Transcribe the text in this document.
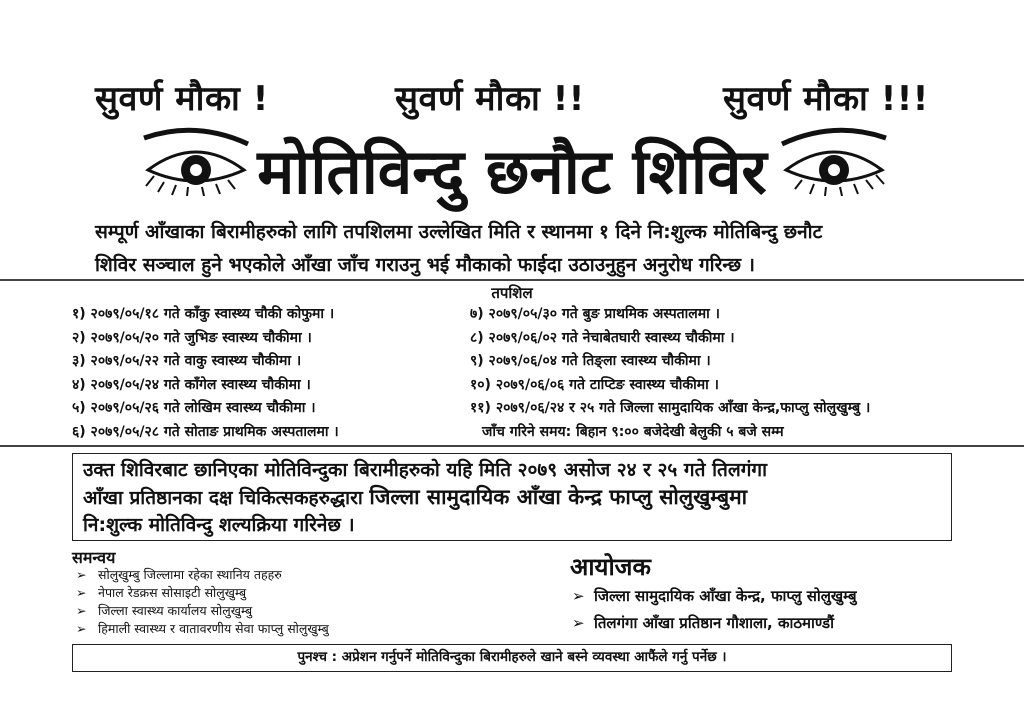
सुवर्ण मौका !	सुवर्ण मौका !!	सुवर्ण मौका !!!
मोतिविन्दु छनौट शिविर
सम्पूर्ण आँखाका बिरामीहरुको लागि तपशिलमा उल्लेखित मिति र स्थानमा १ दिने नि:शुल्क मोतिबिन्दु छनौट
शिविर सञ्चाल हुने भएकोले आँखा जाँच गराउनु भई मौकाको फाईदा उठाउनुहुन अनुरोध गरिन्छ ।
तपशिल
१) २०७९/०५/१८ गते काँकु स्वास्थ्य चौकी कोफुमा ।
२) २०७९/०५/२० गते जुभिङ स्वास्थ्य चौकीमा ।
३) २०७९/०५/२२ गते वाकु स्वास्थ्य चौकीमा ।
४) २०७९/०५/२४ गते काँगेल स्वास्थ्य चौकीमा ।
५) २०७९/०५/२६ गते लोखिम स्वास्थ्य चौकीमा ।
६) २०७९/०५/२८ गते सोताङ प्राथमिक अस्पतालमा ।
७) २०७९/०५/३० गते बुङ प्राथमिक अस्पतालमा ।
८) २०७९/०६/०२ गते नेचाबेतघारी स्वास्थ्य चौकीमा ।
९) २०७९/०६/०४ गते तिङ्ला स्वास्थ्य चौकीमा ।
१०) २०७९/०६/०६ गते टाप्टिङ स्वास्थ्य चौकीमा ।
११) २०७९/०६/२४ र २५ गते जिल्ला सामुदायिक आँखा केन्द्र,फाप्लु सोलुखुम्बु ।
जाँच गरिने समय: बिहान ९:०० बजेदेखी बेलुकी ५ बजे सम्म
उक्त शिविरबाट छानिएका मोतिविन्दुका बिरामीहरुको यहि मिति २०७९ असोज २४ र २५ गते तिलगंगा
आँखा प्रतिष्ठानका दक्ष चिकित्सकहरुद्धारा जिल्ला सामुदायिक आँखा केन्द्र फाप्लु सोलुखुम्बुमा
नि:शुल्क मोतिविन्दु शल्यक्रिया गरिनेछ ।
समन्वय
➢ सोलुखुम्बु जिल्लामा रहेका स्थानिय तहहरु
➢ नेपाल रेडक्रस सोसाइटी सोलुखुम्बु
➢ जिल्ला स्वास्थ्य कार्यालय सोलुखुम्बु
➢ हिमाली स्वास्थ्य र वातावरणीय सेवा फाप्लु सोलुखुम्बु
आयोजक
➢ जिल्ला सामुदायिक आँखा केन्द्र, फाप्लु सोलुखुम्बु
➢ तिलगंगा आँखा प्रतिष्ठान गौशाला, काठमाण्डौं
पुनश्च : अप्रेशन गर्नुपर्ने मोतिविन्दुका बिरामीहरुले खाने बस्ने व्यवस्था आफैंले गर्नु पर्नेछ ।
